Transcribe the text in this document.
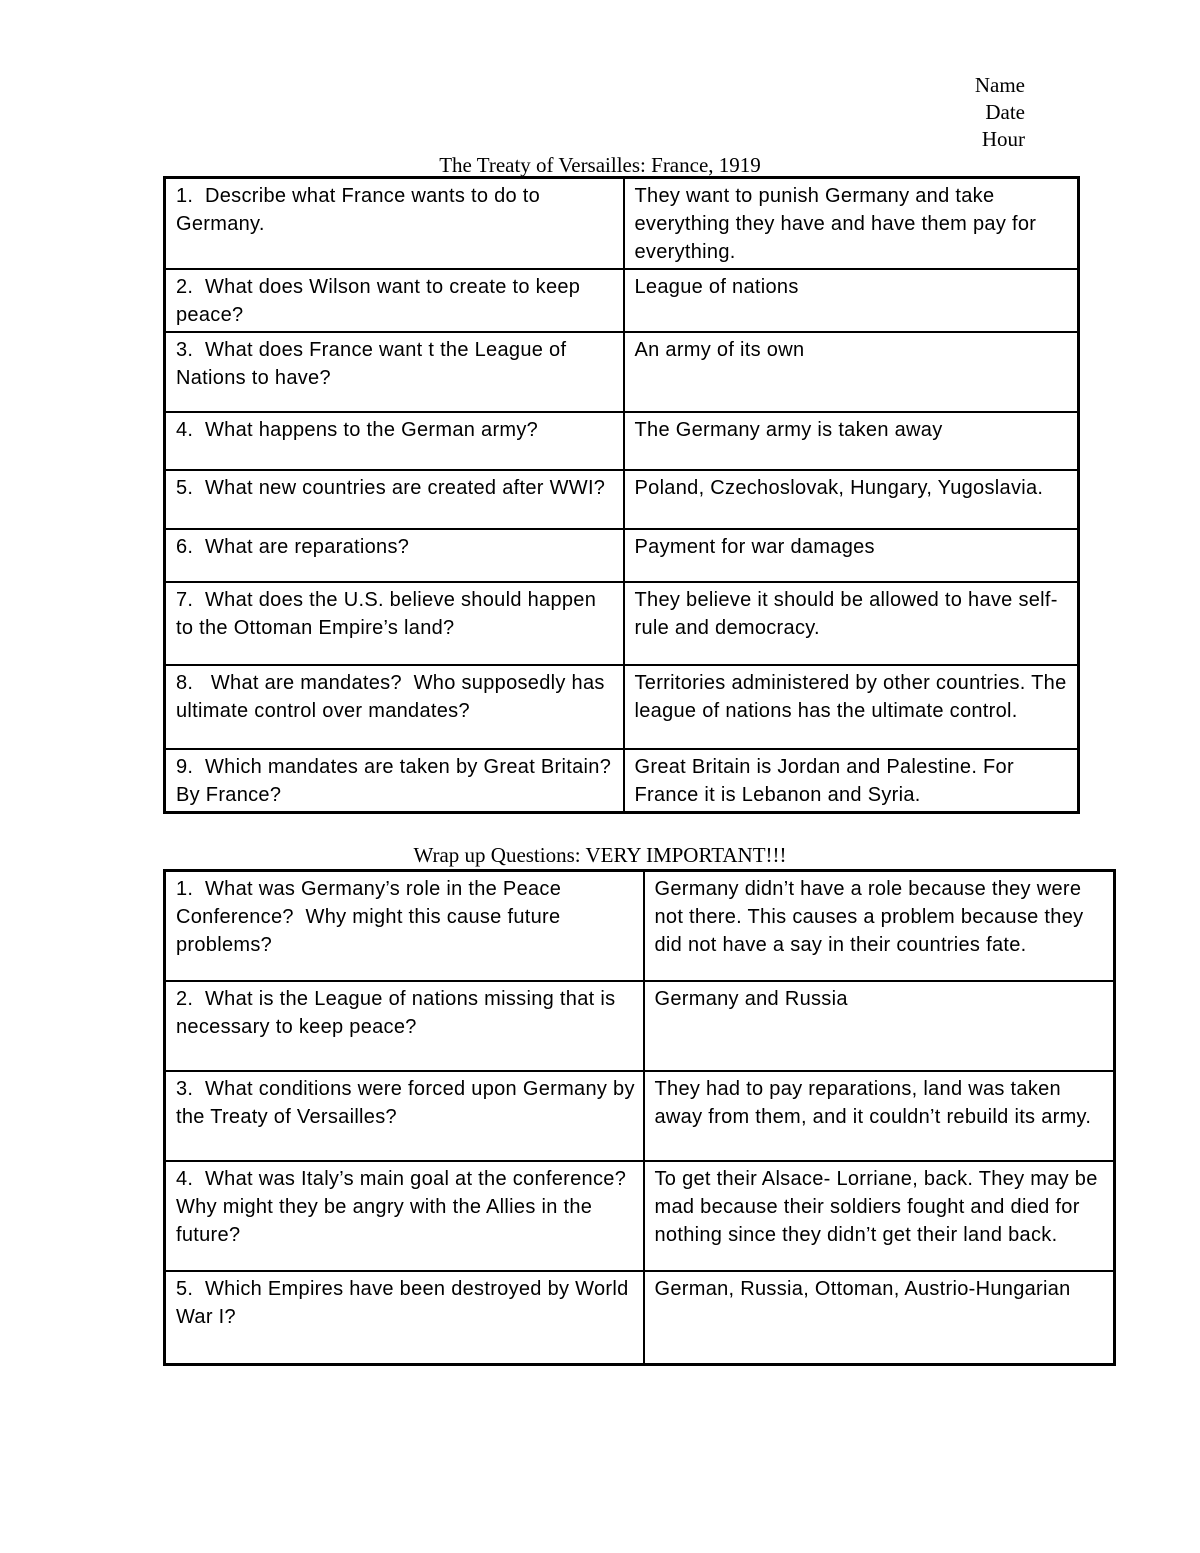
Name
Date
Hour
The Treaty of Versailles: France, 1919
1.  Describe what France wants to do to Germany.	They want to punish Germany and take everything they have and have them pay for everything.
2.  What does Wilson want to create to keep peace?	League of nations
3.  What does France want t the League of Nations to have?	An army of its own
4.  What happens to the German army?	The Germany army is taken away
5.  What new countries are created after WWI?	Poland, Czechoslovak, Hungary, Yugoslavia.
6.  What are reparations?	Payment for war damages
7.  What does the U.S. believe should happen to the Ottoman Empire’s land?	They believe it should be allowed to have self-rule and democracy.
8.   What are mandates?  Who supposedly has ultimate control over mandates?	Territories administered by other countries. The league of nations has the ultimate control.
9.  Which mandates are taken by Great Britain? By France?	Great Britain is Jordan and Palestine. For France it is Lebanon and Syria.
Wrap up Questions: VERY IMPORTANT!!!
1.  What was Germany’s role in the Peace Conference?  Why might this cause future problems?	Germany didn’t have a role because they were not there. This causes a problem because they did not have a say in their countries fate.
2.  What is the League of nations missing that is necessary to keep peace?	Germany and Russia
3.  What conditions were forced upon Germany by the Treaty of Versailles?	They had to pay reparations, land was taken away from them, and it couldn’t rebuild its army.
4.  What was Italy’s main goal at the conference? Why might they be angry with the Allies in the future?	To get their Alsace- Lorriane, back. They may be mad because their soldiers fought and died for nothing since they didn’t get their land back.
5.  Which Empires have been destroyed by World War I?	German, Russia, Ottoman, Austrio-Hungarian
